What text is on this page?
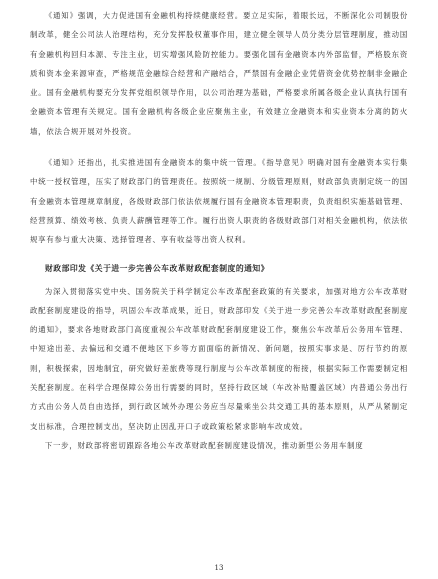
《通知》强调，大力促进国有金融机构持续健康经营。要立足实际，着眼长远，不断深化公司制股份制改革，健全公司法人治理结构，充分发挥股权董事作用，建立健全领导人员分类分层管理制度，推动国有金融机构回归本源、专注主业，切实增强风险防控能力。要强化国有金融资本内外部监督，严格股东资质和资本金来源审查，严格规范金融综合经营和产融结合，严禁国有金融企业凭借资金优势控制非金融企业。国有金融机构要充分发挥党组织领导作用，以公司治理为基础，严格要求所属各级企业认真执行国有金融资本管理有关规定。国有金融机构各级企业应聚焦主业，有效建立金融资本和实业资本分离的防火墙，依法合规开展对外投资。

《通知》还指出，扎实推进国有金融资本的集中统一管理。《指导意见》明确对国有金融资本实行集中统一授权管理，压实了财政部门的管理责任。按照统一规制、分级管理原则，财政部负责制定统一的国有金融资本管理规章制度，各级财政部门依法依规履行国有金融资本管理职责，负责组织实施基础管理、经营预算、绩效考核、负责人薪酬管理等工作。履行出资人职责的各级财政部门对相关金融机构，依法依规享有参与重大决策、选择管理者、享有收益等出资人权利。

财政部印发《关于进一步完善公车改革财政配套制度的通知》

为深入贯彻落实党中央、国务院关于科学制定公车改革配套政策的有关要求，加强对地方公车改革财政配套制度建设的指导，巩固公车改革成果，近日，财政部印发《关于进一步完善公车改革财政配套制度的通知》，要求各地财政部门高度重视公车改革财政配套制度建设工作，聚焦公车改革后公务用车管理、中短途出差、去偏远和交通不便地区下乡等方面面临的新情况、新问题，按照实事求是、厉行节约的原则，积极探索，因地制宜，研究做好差旅费等现行制度与公车改革制度的衔接，根据实际工作需要制定相关配套制度。在科学合理保障公务出行需要的同时，坚持行政区域（车改补贴覆盖区域）内普通公务出行方式由公务人员自由选择，到行政区域外办理公务应当尽量乘坐公共交通工具的基本原则，从严从紧制定支出标准，合理控制支出，坚决防止因乱开口子或政策松紧求影响车改成效。

下一步，财政部将密切跟踪各地公车改革财政配套制度建设情况，推动新型公务用车制度

13
